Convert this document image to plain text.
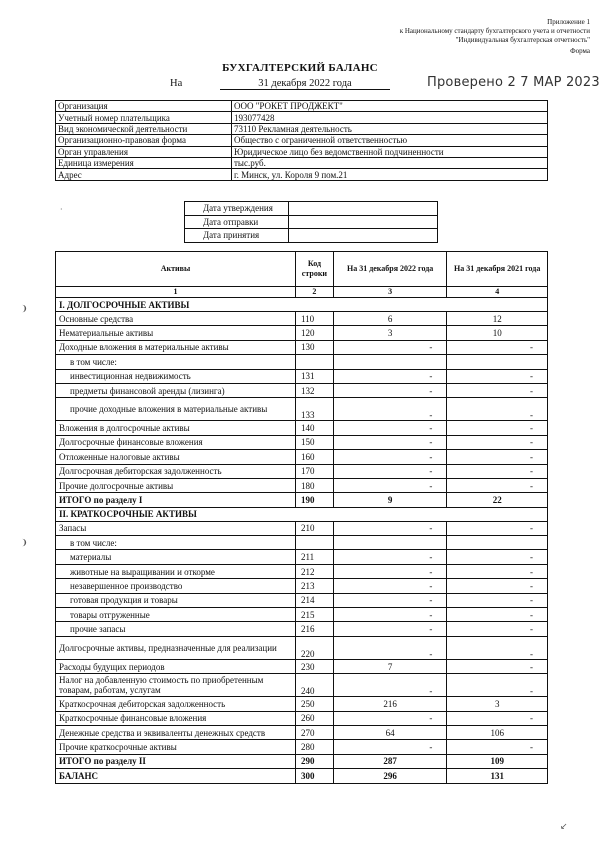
Приложение 1
к Национальному стандарту бухгалтерского учета и отчетности
"Индивидуальная бухгалтерская отчетность"
Форма
БУХГАЛТЕРСКИЙ БАЛАНС
На	31 декабря 2022 года	Проверено 2 7 МАР 2023
Организация	ООО "РОКЕТ ПРОДЖЕКТ"
Учетный номер плательщика	193077428
Вид экономической деятельности	73110 Рекламная деятельность
Организационно-правовая форма	Общество с ограниченной ответственностью
Орган управления	Юридическое лицо без ведомственной подчиненности
Единица измерения	тыс.руб.
Адрес	г. Минск, ул. Короля 9 пом.21
Дата утверждения	
Дата отправки	
Дата принятия	
Активы	Код строки	На 31 декабря 2022 года	На 31 декабря 2021 года
1	2	3	4
I. ДОЛГОСРОЧНЫЕ АКТИВЫ			
Основные средства	110	6	12
Нематериальные активы	120	3	10
Доходные вложения в материальные активы	130	-	-
в том числе:			
инвестиционная недвижимость	131	-	-
предметы финансовой аренды (лизинга)	132	-	-
прочие доходные вложения в материальные активы	133	-	-
Вложения в долгосрочные активы	140	-	-
Долгосрочные финансовые вложения	150	-	-
Отложенные налоговые активы	160	-	-
Долгосрочная дебиторская задолженность	170	-	-
Прочие долгосрочные активы	180	-	-
ИТОГО по разделу I	190	9	22
II. КРАТКОСРОЧНЫЕ АКТИВЫ			
Запасы	210	-	-
в том числе:			
материалы	211	-	-
животные на выращивании и откорме	212	-	-
незавершенное производство	213	-	-
готовая продукция и товары	214	-	-
товары отгруженные	215	-	-
прочие запасы	216	-	-
Долгосрочные активы, предназначенные для реализации	220	-	-
Расходы будущих периодов	230	7	-
Налог на добавленную стоимость по приобретенным товарам, работам, услугам	240	-	-
Краткосрочная дебиторская задолженность	250	216	3
Краткосрочные финансовые вложения	260	-	-
Денежные средства и эквиваленты денежных средств	270	64	106
Прочие краткосрочные активы	280	-	-
ИТОГО по разделу II	290	287	109
БАЛАНС	300	296	131
·
❩
❩
↙
